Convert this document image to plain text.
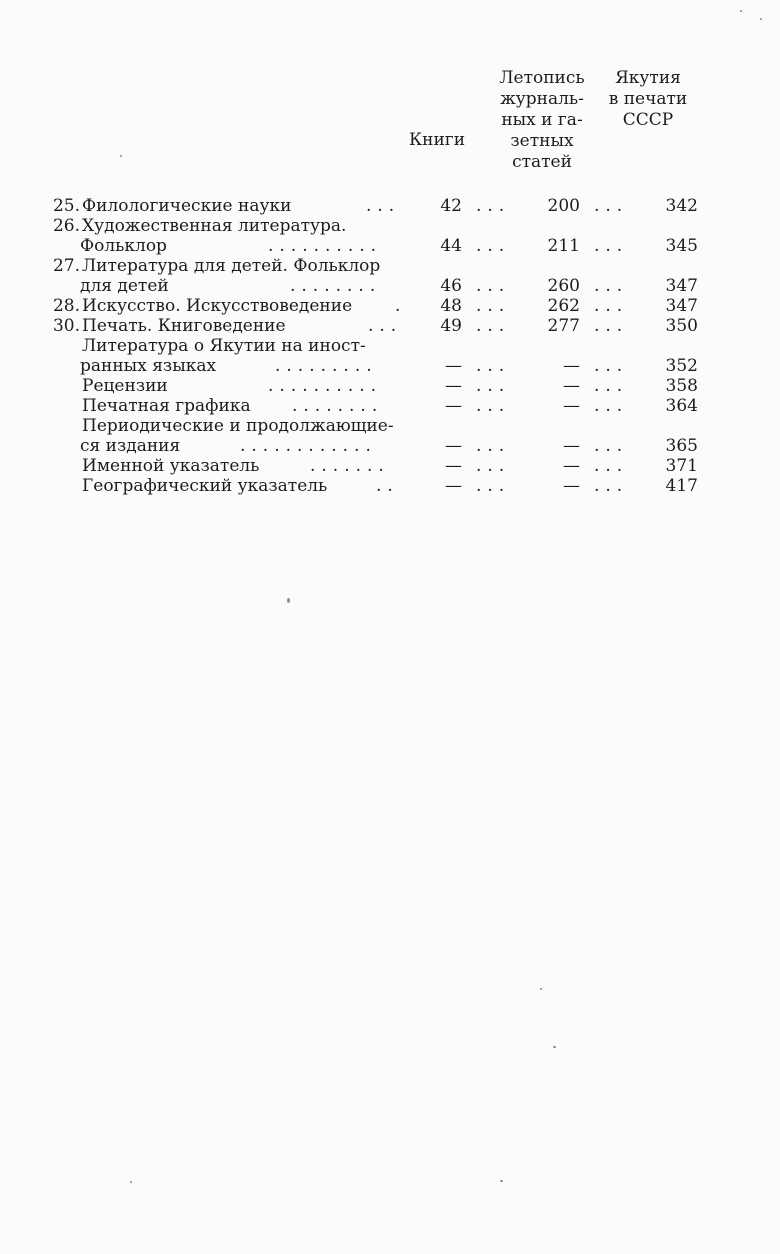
Книги
Летопись
журналь-
ных и га-
зетных
статей
Якутия
в печати
СССР
25. Филологические науки	...	42 ...	200 ...	342
26. Художественная литература.
Фольклор	..........	44 ...	211 ...	345
27. Литература для детей. Фольклор
для детей	........	46 ...	260 ...	347
28. Искусство. Искусствоведение	.	48 ...	262 ...	347
30. Печать. Книговедение	...	49 ...	277 ...	350
Литература о Якутии на иност-
ранных языках	.........	— ...	— ...	352
Рецензии	..........	— ...	— ...	358
Печатная графика ........	— ...	— ...	364
Периодические и продолжающие-
ся издания	............	— ...	— ...	365
Именной указатель	.......	— ...	— ...	371
Географический указатель	..	— ...	— ...	417
